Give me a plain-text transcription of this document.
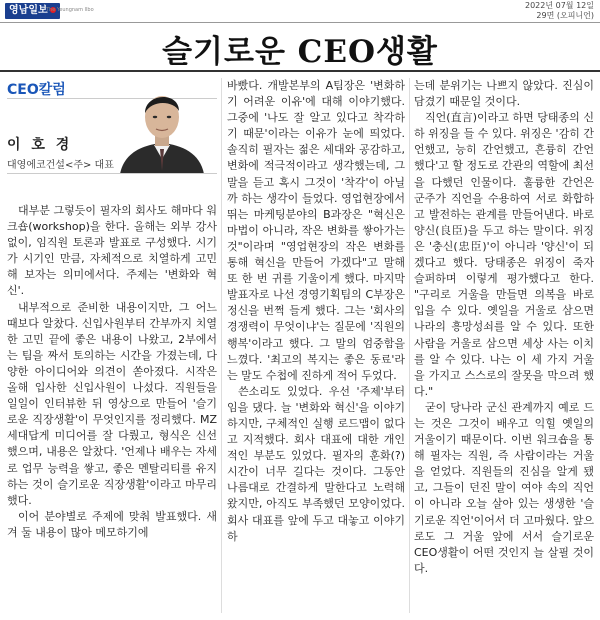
영남일보
The Yeungnam Ilbo	2022년 07월 12일
29면 (오피니언)
슬기로운 CEO생활
CEO칼럼
이 호 경
대영에코건설<주> 대표

대부분 그렇듯이 필자의 회사도 해마다 워크숍(workshop)을 한다. 올해는 외부 강사 없이, 임직원 토론과 발표로 구성했다. 시기가 시기인 만큼, 자체적으로 치열하게 고민해 보자는 의미에서다. 주제는 '변화와 혁신'.

내부적으로 준비한 내용이지만, 그 어느 때보다 알찼다. 신입사원부터 간부까지 치열한 고민 끝에 좋은 내용이 나왔고, 2부에서는 팀을 짜서 토의하는 시간을 가졌는데, 다양한 아이디어와 의견이 쏟아졌다. 시작은 올해 입사한 신입사원이 나섰다. 직원들을 일일이 인터뷰한 뒤 영상으로 만들어 '슬기로운 직장생활'이 무엇인지를 정리했다. MZ세대답게 미디어를 잘 다뤘고, 형식은 신선했으며, 내용은 알찼다. '언제나 배우는 자세로 업무 능력을 쌓고, 좋은 멘탈리티를 유지하는 것이 슬기로운 직장생활'이라고 마무리했다.

이어 분야별로 주제에 맞춰 발표했다. 새겨 둘 내용이 많아 메모하기에

바빴다. 개발본부의 A팀장은 '변화하기 어려운 이유'에 대해 이야기했다. 그중에 '나도 잘 알고 있다고 착각하기 때문'이라는 이유가 눈에 띄었다. 솔직히 필자는 젊은 세대와 공감하고, 변화에 적극적이라고 생각했는데, 그 말을 듣고 혹시 그것이 '착각'이 아닐까 하는 생각이 들었다. 영업현장에서 뛰는 마케팅분야의 B과장은 "혁신은 마법이 아니라, 작은 변화를 쌓아가는 것"이라며 "영업현장의 작은 변화를 통해 혁신을 만들어 가겠다"고 말해 또 한 번 귀를 기울이게 했다. 마지막 발표자로 나선 경영기획팀의 C부장은 정신을 번쩍 들게 했다. 그는 '회사의 경쟁력이 무엇이냐'는 질문에 '직원의 행복'이라고 했다. 그 말의 엄중함을 느꼈다. '최고의 복지는 좋은 동료'라는 말도 수첩에 진하게 적어 두었다.

쓴소리도 있었다. 우선 '주제'부터 임을 댔다. 늘 '변화와 혁신'을 이야기하지만, 구체적인 실행 로드맵이 없다고 지적했다. 회사 대표에 대한 개인적인 부분도 있었다. 필자의 훈화(?) 시간이 너무 길다는 것이다. 그동안 나름대로 간결하게 말한다고 노력해 왔지만, 아직도 부족했던 모양이었다. 회사 대표를 앞에 두고 대놓고 이야기하

는데 분위기는 나쁘지 않았다. 진심이 담겼기 때문일 것이다.

직언(直言)이라고 하면 당태종의 신하 위징을 들 수 있다. 위징은 '감히 간언했고, 능히 간언했고, 흔륭히 간언했다'고 할 정도로 간관의 역할에 최선을 다했던 인물이다. 훌륭한 간언은 군주가 직언을 수용하여 서로 화합하고 발전하는 관계를 만들어낸다. 바로 양신(良臣)을 두고 하는 말이다. 위징은 '충신(忠臣)'이 아니라 '양신'이 되겠다고 했다. 당태종은 위징이 죽자 슬퍼하며 이렇게 평가했다고 한다. "구리로 거울을 만들면 의복을 바로 입을 수 있다. 옛일을 거울로 삼으면 나라의 흥망성쇠를 알 수 있다. 또한 사람을 거울로 삼으면 세상 사는 이치를 알 수 있다. 나는 이 세 가지 거울을 가지고 스스로의 잘못을 막으려 했다."

굳이 당나라 군신 관계까지 예로 드는 것은 그것이 배우고 익힐 옛일의 거울이기 때문이다. 이번 워크숍을 통해 필자는 직원, 즉 사람이라는 거울을 얻었다. 직원들의 진심을 알게 됐고, 그들이 던진 말이 여야 속의 직언이 아니라 오늘 살아 있는 생생한 '슬기로운 직언'이어서 더 고마웠다. 앞으로도 그 거울 앞에 서서 슬기로운 CEO생활이 어떤 것인지 늘 살필 것이다.
